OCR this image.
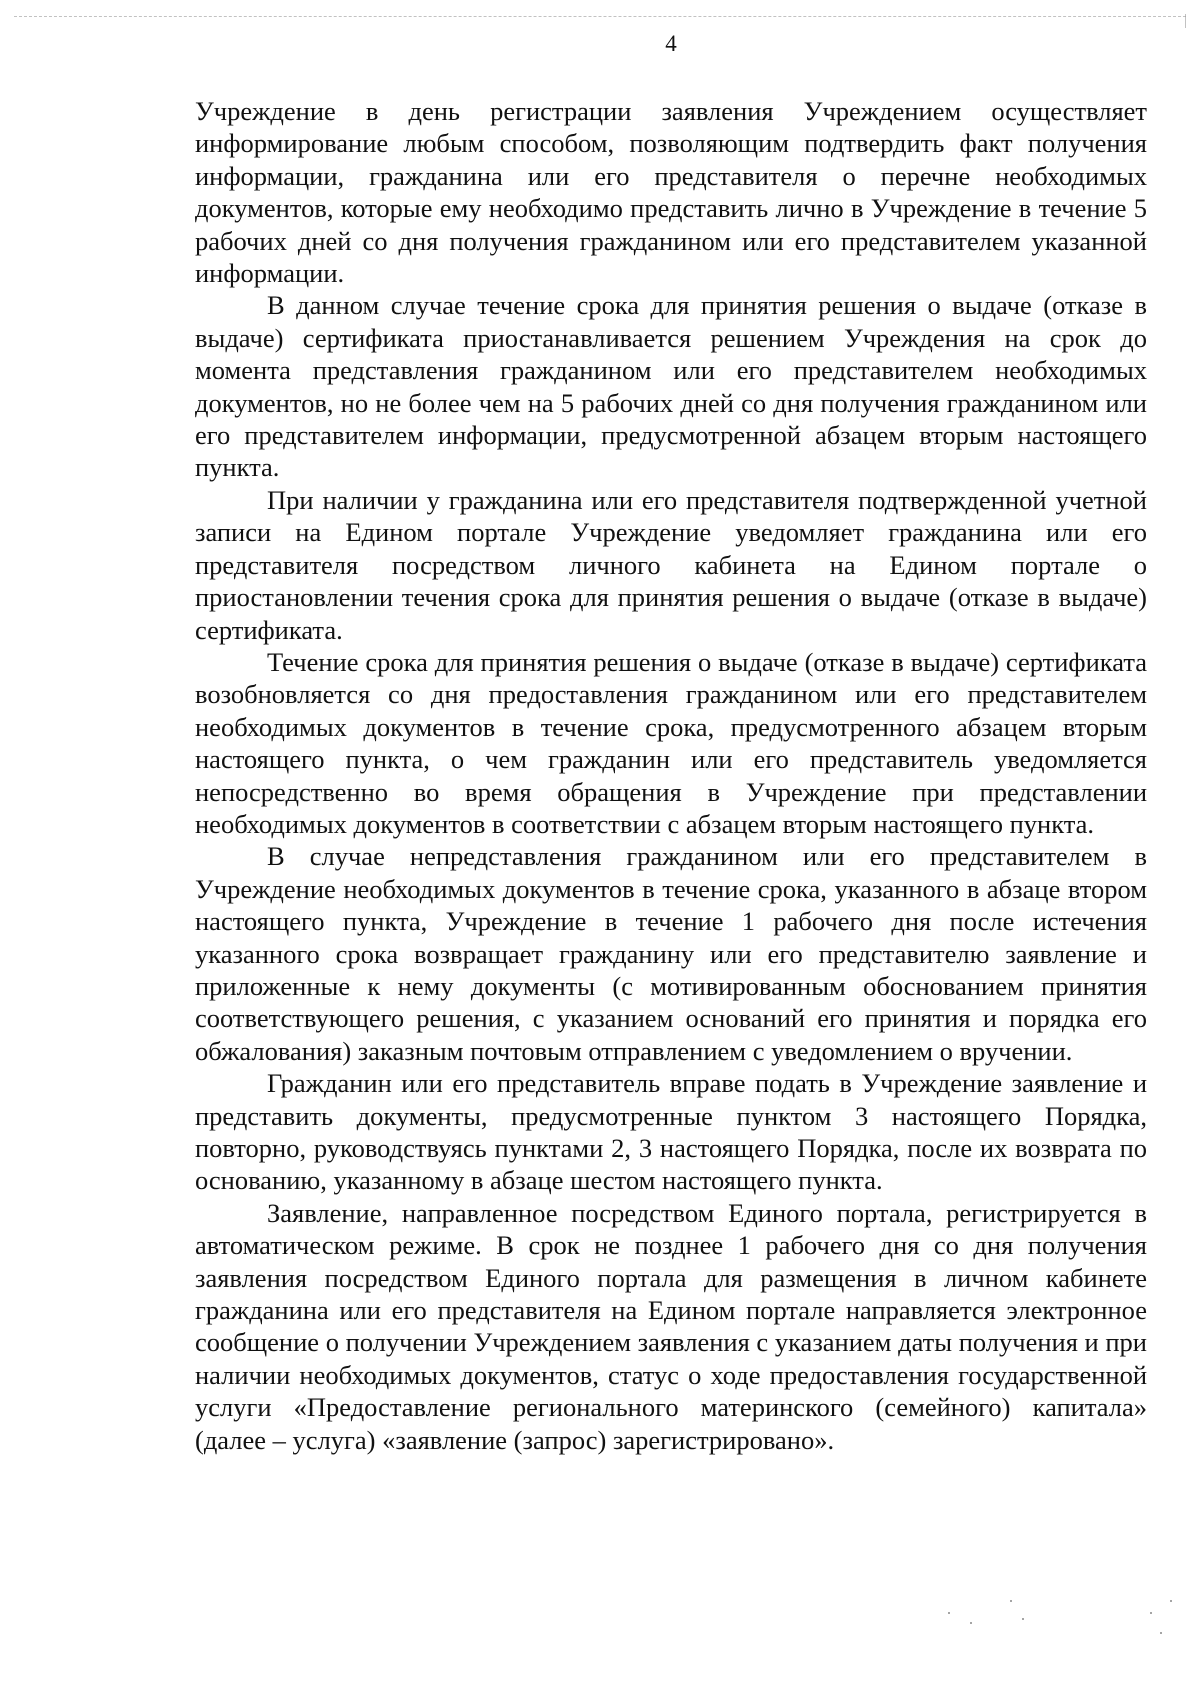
4

Учреждение в день регистрации заявления Учреждением осуществляет информирование любым способом, позволяющим подтвердить факт получения информации, гражданина или его представителя о перечне необходимых документов, которые ему необходимо представить лично в Учреждение в течение 5 рабочих дней со дня получения гражданином или его представителем указанной информации.

В данном случае течение срока для принятия решения о выдаче (отказе в выдаче) сертификата приостанавливается решением Учреждения на срок до момента представления гражданином или его представителем необходимых документов, но не более чем на 5 рабочих дней со дня получения гражданином или его представителем информации, предусмотренной абзацем вторым настоящего пункта.

При наличии у гражданина или его представителя подтвержденной учетной записи на Едином портале Учреждение уведомляет гражданина или его представителя посредством личного кабинета на Едином портале о приостановлении течения срока для принятия решения о выдаче (отказе в выдаче) сертификата.

Течение срока для принятия решения о выдаче (отказе в выдаче) сертификата возобновляется со дня предоставления гражданином или его представителем необходимых документов в течение срока, предусмотренного абзацем вторым настоящего пункта, о чем гражданин или его представитель уведомляется непосредственно во время обращения в Учреждение при представлении необходимых документов в соответствии с абзацем вторым настоящего пункта.

В случае непредставления гражданином или его представителем в Учреждение необходимых документов в течение срока, указанного в абзаце втором настоящего пункта, Учреждение в течение 1 рабочего дня после истечения указанного срока возвращает гражданину или его представителю заявление и приложенные к нему документы (с мотивированным обоснованием принятия соответствующего решения, с указанием оснований его принятия и порядка его обжалования) заказным почтовым отправлением с уведомлением о вручении.

Гражданин или его представитель вправе подать в Учреждение заявление и представить документы, предусмотренные пунктом 3 настоящего Порядка, повторно, руководствуясь пунктами 2, 3 настоящего Порядка, после их возврата по основанию, указанному в абзаце шестом настоящего пункта.

Заявление, направленное посредством Единого портала, регистрируется в автоматическом режиме. В срок не позднее 1 рабочего дня со дня получения заявления посредством Единого портала для размещения в личном кабинете гражданина или его представителя на Едином портале направляется электронное сообщение о получении Учреждением заявления с указанием даты получения и при наличии необходимых документов, статус о ходе предоставления государственной услуги «Предоставление регионального материнского (семейного) капитала» (далее – услуга) «заявление (запрос) зарегистрировано».
